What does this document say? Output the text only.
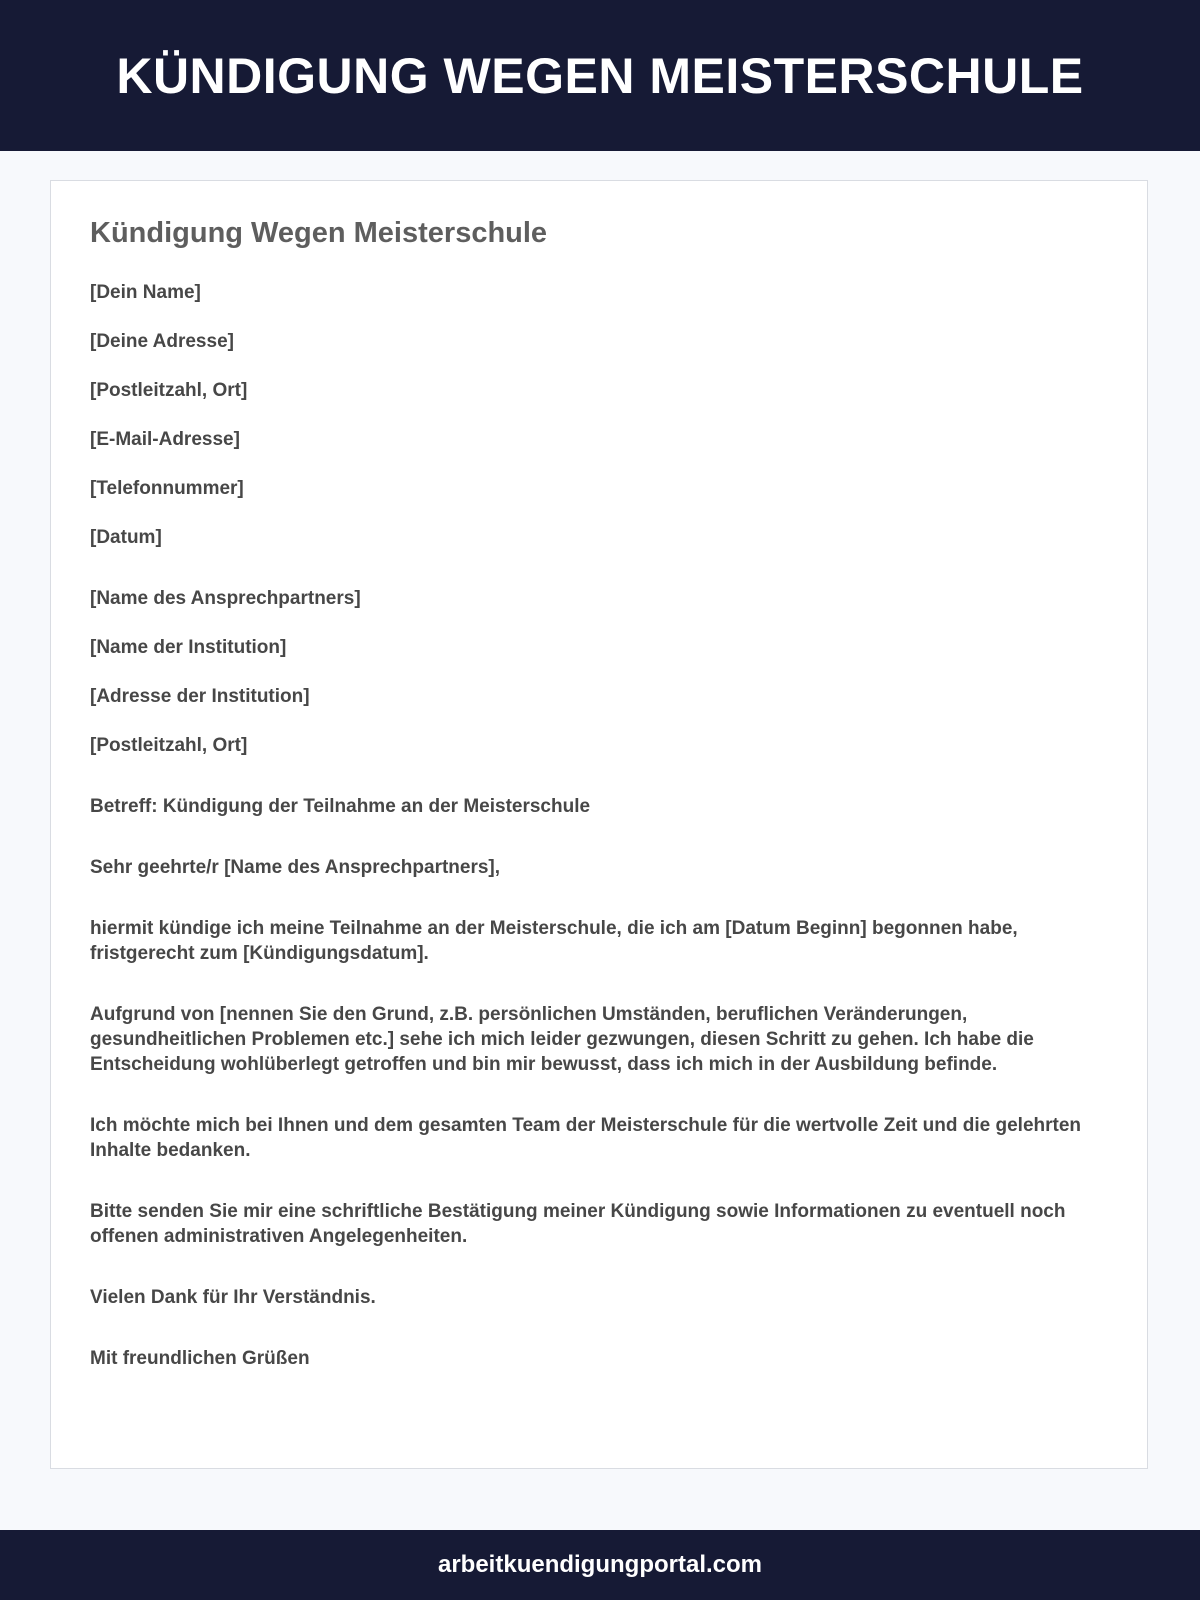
KÜNDIGUNG WEGEN MEISTERSCHULE
Kündigung Wegen Meisterschule

[Dein Name]

[Deine Adresse]

[Postleitzahl, Ort]

[E-Mail-Adresse]

[Telefonnummer]

[Datum]

[Name des Ansprechpartners]

[Name der Institution]

[Adresse der Institution]

[Postleitzahl, Ort]

Betreff: Kündigung der Teilnahme an der Meisterschule

Sehr geehrte/r [Name des Ansprechpartners],

hiermit kündige ich meine Teilnahme an der Meisterschule, die ich am [Datum Beginn] begonnen habe, fristgerecht zum [Kündigungsdatum].

Aufgrund von [nennen Sie den Grund, z.B. persönlichen Umständen, beruflichen Veränderungen, gesundheitlichen Problemen etc.] sehe ich mich leider gezwungen, diesen Schritt zu gehen. Ich habe die Entscheidung wohlüberlegt getroffen und bin mir bewusst, dass ich mich in der Ausbildung befinde.

Ich möchte mich bei Ihnen und dem gesamten Team der Meisterschule für die wertvolle Zeit und die gelehrten Inhalte bedanken.

Bitte senden Sie mir eine schriftliche Bestätigung meiner Kündigung sowie Informationen zu eventuell noch offenen administrativen Angelegenheiten.

Vielen Dank für Ihr Verständnis.

Mit freundlichen Grüßen

arbeitkuendigungportal.com
